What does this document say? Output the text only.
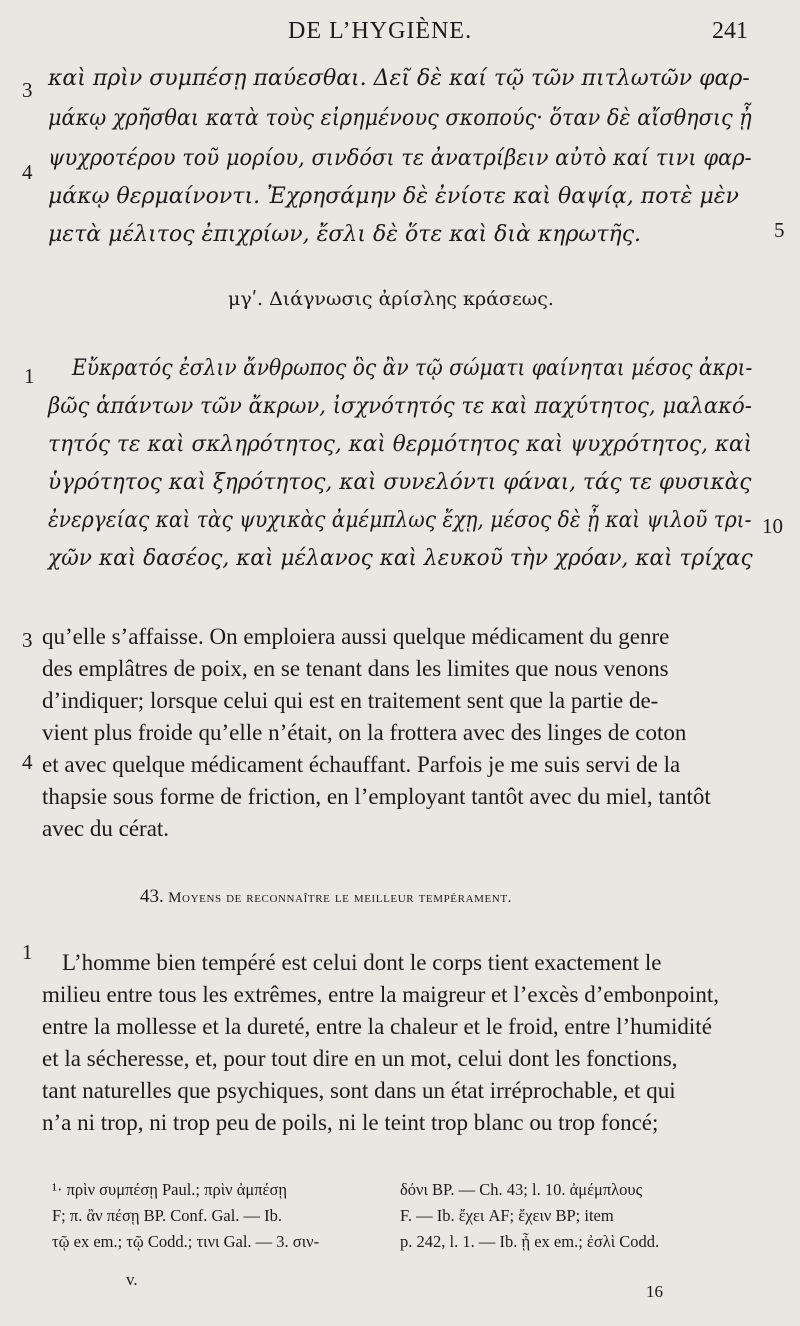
DE L’HYGIÈNE.	241
3
4
5
καὶ πρὶν συμπέσῃ παύεσθαι. Δεῖ δὲ καί τῷ τῶν πιτλωτῶν φαρ-
μάκῳ χρῆσθαι κατὰ τοὺς εἰρημένους σκοπούς· ὅταν δὲ αἴσθησις ᾖ
ψυχροτέρου τοῦ μορίου, σινδόσι τε ἀνατρίβειν αὐτὸ καί τινι φαρ-
μάκῳ θερμαίνοντι. Ἐχρησάμην δὲ ἐνίοτε καὶ θαψίᾳ, ποτὲ μὲν
μετὰ μέλιτος ἐπιχρίων, ἔσλι δὲ ὅτε καὶ διὰ κηρωτῆς.
μγʹ. Διάγνωσις ἀρίσλης κράσεως.
1
10
Εὔκρατός ἐσλιν ἄνθρωπος ὃς ἂν τῷ σώματι φαίνηται μέσος ἀκρι-
βῶς ἁπάντων τῶν ἄκρων, ἰσχνότητός τε καὶ παχύτητος, μαλακό-
τητός τε καὶ σκληρότητος, καὶ θερμότητος καὶ ψυχρότητος, καὶ
ὑγρότητος καὶ ξηρότητος, καὶ συνελόντι φάναι, τάς τε φυσικὰς
ἐνεργείας καὶ τὰς ψυχικὰς ἀμέμπλως ἔχῃ, μέσος δὲ ᾖ καὶ ψιλοῦ τρι-
χῶν καὶ δασέος, καὶ μέλανος καὶ λευκοῦ τὴν χρόαν, καὶ τρίχας
3
4
qu’elle s’affaisse. On emploiera aussi quelque médicament du genre
des emplâtres de poix, en se tenant dans les limites que nous venons
d’indiquer; lorsque celui qui est en traitement sent que la partie de-
vient plus froide qu’elle n’était, on la frottera avec des linges de coton
et avec quelque médicament échauffant. Parfois je me suis servi de la
thapsie sous forme de friction, en l’employant tantôt avec du miel, tantôt
avec du cérat.
43. Moyens de reconnaître le meilleur tempérament.
1 L’homme bien tempéré est celui dont le corps tient exactement le
milieu entre tous les extrêmes, entre la maigreur et l’excès d’embonpoint,
entre la mollesse et la dureté, entre la chaleur et le froid, entre l’humidité
et la sécheresse, et, pour tout dire en un mot, celui dont les fonctions,
tant naturelles que psychiques, sont dans un état irréprochable, et qui
n’a ni trop, ni trop peu de poils, ni le teint trop blanc ou trop foncé;
¹· πρὶν συμπέσῃ Paul.; πρὶν ἀμπέσῃ
F; π. ἂν πέσῃ BP. Conf. Gal. — Ib.
τῷ ex em.; τῷ Codd.; τινι Gal. — 3. σιν-
δόνι BP. — Ch. 43; l. 10. ἀμέμπλους
F. — Ib. ἔχει AF; ἔχειν BP; item
p. 242, l. 1. — Ib. ᾖ ex em.; ἐσλὶ Codd.
v.
16
